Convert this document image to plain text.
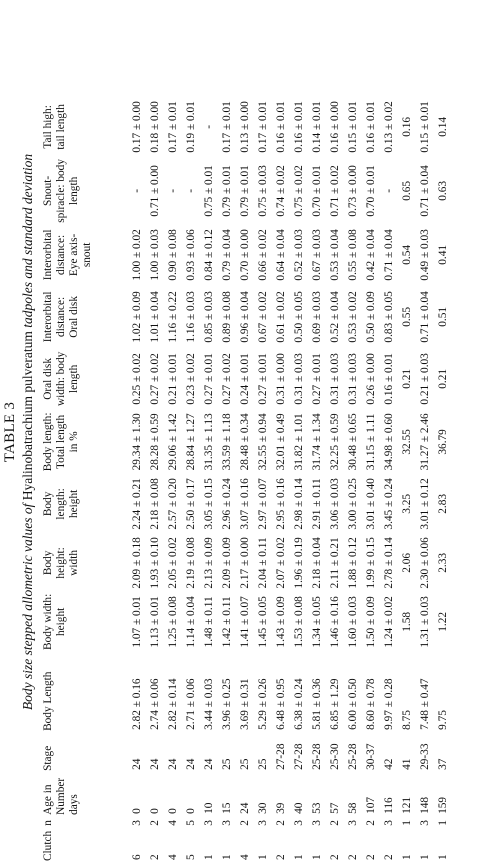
TABLE 3
Body size stepped allometric values of Hyalinobatrachium pulveratum tadpoles and standard deviation
Clutch	n	Age in Number days	Stage	Body Length	Body width: height	Body height: width	Body length: height	Body length: Total length in %	Oral disk width: body length	Interorbital distance: Oral disk	Interorbital distance: Eye axis-snout	Snout-spiracle: body length	Tail high: tail length
6	3	0	24	2.82 ± 0.16	1.07 ± 0.01	2.09 ± 0.18	2.24 ± 0.21	29.34 ± 1.30	0.25 ± 0.02	1.02 ± 0.09	1.00 ± 0.02	-	0.17 ± 0.00
2	2	0	24	2.74 ± 0.06	1.13 ± 0.01	1.93 ± 0.10	2.18 ± 0.08	28.28 ± 0.59	0.27 ± 0.02	1.01 ± 0.04	1.00 ± 0.03	0.71 ± 0.00	0.18 ± 0.00
4	4	0	24	2.82 ± 0.14	1.25 ± 0.08	2.05 ± 0.02	2.57 ± 0.20	29.06 ± 1.42	0.21 ± 0.01	1.16 ± 0.22	0.90 ± 0.08	-	0.17 ± 0.01
5	5	0	24	2.71 ± 0.06	1.14 ± 0.04	2.19 ± 0.08	2.50 ± 0.17	28.84 ± 1.27	0.23 ± 0.02	1.16 ± 0.03	0.93 ± 0.06	-	0.19 ± 0.01
1	3	10	24	3.44 ± 0.03	1.48 ± 0.11	2.13 ± 0.09	3.05 ± 0.15	31.35 ± 1.13	0.27 ± 0.01	0.85 ± 0.03	0.84 ± 0.12	0.75 ± 0.01	-
1	3	15	25	3.96 ± 0.25	1.42 ± 0.11	2.09 ± 0.09	2.96 ± 0.24	33.59 ± 1.18	0.27 ± 0.02	0.89 ± 0.08	0.79 ± 0.04	0.79 ± 0.01	0.17 ± 0.01
4	2	24	25	3.69 ± 0.31	1.41 ± 0.07	2.17 ± 0.00	3.07 ± 0.16	28.48 ± 0.34	0.24 ± 0.01	0.96 ± 0.04	0.70 ± 0.00	0.79 ± 0.01	0.13 ± 0.00
1	3	30	25	5.29 ± 0.26	1.45 ± 0.05	2.04 ± 0.11	2.97 ± 0.07	32.55 ± 0.94	0.27 ± 0.01	0.67 ± 0.02	0.66 ± 0.02	0.75 ± 0.03	0.17 ± 0.01
2	2	39	27-28	6.48 ± 0.95	1.43 ± 0.09	2.07 ± 0.02	2.95 ± 0.16	32.01 ± 0.49	0.31 ± 0.00	0.61 ± 0.02	0.64 ± 0.04	0.74 ± 0.02	0.16 ± 0.01
1	3	40	27-28	6.38 ± 0.24	1.53 ± 0.08	1.96 ± 0.19	2.98 ± 0.14	31.82 ± 1.01	0.31 ± 0.03	0.50 ± 0.05	0.52 ± 0.03	0.75 ± 0.02	0.16 ± 0.01
1	3	53	25-28	5.81 ± 0.36	1.34 ± 0.05	2.18 ± 0.04	2.91 ± 0.11	31.74 ± 1.34	0.27 ± 0.01	0.69 ± 0.03	0.67 ± 0.03	0.70 ± 0.01	0.14 ± 0.01
2	2	57	25-30	6.85 ± 1.29	1.46 ± 0.16	2.11 ± 0.21	3.06 ± 0.03	32.25 ± 0.59	0.31 ± 0.03	0.52 ± 0.04	0.53 ± 0.04	0.71 ± 0.02	0.16 ± 0.00
2	3	58	25-28	6.00 ± 0.50	1.60 ± 0.03	1.88 ± 0.12	3.00 ± 0.25	30.48 ± 0.65	0.31 ± 0.03	0.53 ± 0.02	0.55 ± 0.08	0.73 ± 0.00	0.15 ± 0.01
2	2	107	30-37	8.60 ± 0.78	1.50 ± 0.09	1.99 ± 0.15	3.01 ± 0.40	31.15 ± 1.11	0.26 ± 0.00	0.50 ± 0.09	0.42 ± 0.04	0.70 ± 0.01	0.16 ± 0.01
2	3	116	42	9.97 ± 0.28	1.24 ± 0.02	2.78 ± 0.14	3.45 ± 0.24	34.98 ± 0.60	0.16 ± 0.01	0.83 ± 0.05	0.71 ± 0.04	-	0.13 ± 0.02
1	1	121	41	8.75	1.58	2.06	3.25	32.55	0.21	0.55	0.54	0.65	0.16
1	3	148	29-33	7.48 ± 0.47	1.31 ± 0.03	2.30 ± 0.06	3.01 ± 0.12	31.27 ± 2.46	0.21 ± 0.03	0.71 ± 0.04	0.49 ± 0.03	0.71 ± 0.04	0.15 ± 0.01
1	1	159	37	9.75	1.22	2.33	2.83	36.79	0.21	0.51	0.41	0.63	0.14
